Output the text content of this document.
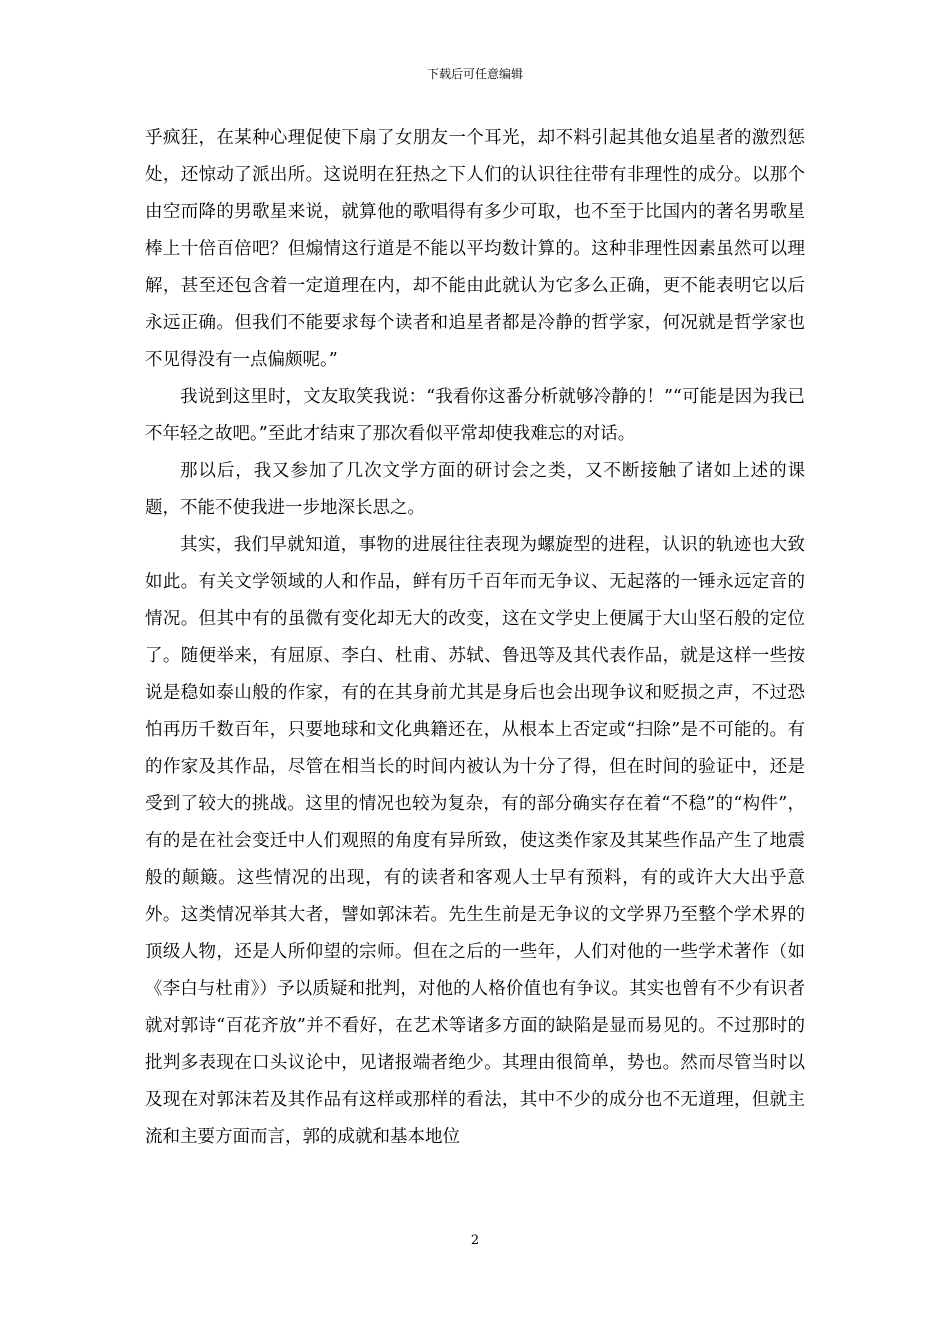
下载后可任意编辑

乎疯狂，在某种心理促使下扇了女朋友一个耳光，却不料引起其他女追星者的激烈惩处，还惊动了派出所。这说明在狂热之下人们的认识往往带有非理性的成分。以那个由空而降的男歌星来说，就算他的歌唱得有多少可取，也不至于比国内的著名男歌星棒上十倍百倍吧？但煽情这行道是不能以平均数计算的。这种非理性因素虽然可以理解，甚至还包含着一定道理在内，却不能由此就认为它多么正确，更不能表明它以后永远正确。但我们不能要求每个读者和追星者都是冷静的哲学家，何况就是哲学家也不见得没有一点偏颇呢。”

我说到这里时，文友取笑我说：“我看你这番分析就够冷静的！”“可能是因为我已不年轻之故吧。”至此才结束了那次看似平常却使我难忘的对话。

那以后，我又参加了几次文学方面的研讨会之类，又不断接触了诸如上述的课题，不能不使我进一步地深长思之。

其实，我们早就知道，事物的进展往往表现为螺旋型的进程，认识的轨迹也大致如此。有关文学领域的人和作品，鲜有历千百年而无争议、无起落的一锤永远定音的情况。但其中有的虽微有变化却无大的改变，这在文学史上便属于大山坚石般的定位了。随便举来，有屈原、李白、杜甫、苏轼、鲁迅等及其代表作品，就是这样一些按说是稳如泰山般的作家，有的在其身前尤其是身后也会出现争议和贬损之声，不过恐怕再历千数百年，只要地球和文化典籍还在，从根本上否定或“扫除”是不可能的。有的作家及其作品，尽管在相当长的时间内被认为十分了得，但在时间的验证中，还是受到了较大的挑战。这里的情况也较为复杂，有的部分确实存在着“不稳”的“构件”，有的是在社会变迁中人们观照的角度有异所致，使这类作家及其某些作品产生了地震般的颠簸。这些情况的出现，有的读者和客观人士早有预料，有的或许大大出乎意外。这类情况举其大者，譬如郭沫若。先生生前是无争议的文学界乃至整个学术界的顶级人物，还是人所仰望的宗师。但在之后的一些年，人们对他的一些学术著作（如《李白与杜甫》）予以质疑和批判，对他的人格价值也有争议。其实也曾有不少有识者就对郭诗“百花齐放”并不看好，在艺术等诸多方面的缺陷是显而易见的。不过那时的批判多表现在口头议论中，见诸报端者绝少。其理由很简单，势也。然而尽管当时以及现在对郭沫若及其作品有这样或那样的看法，其中不少的成分也不无道理，但就主流和主要方面而言，郭的成就和基本地位

2
